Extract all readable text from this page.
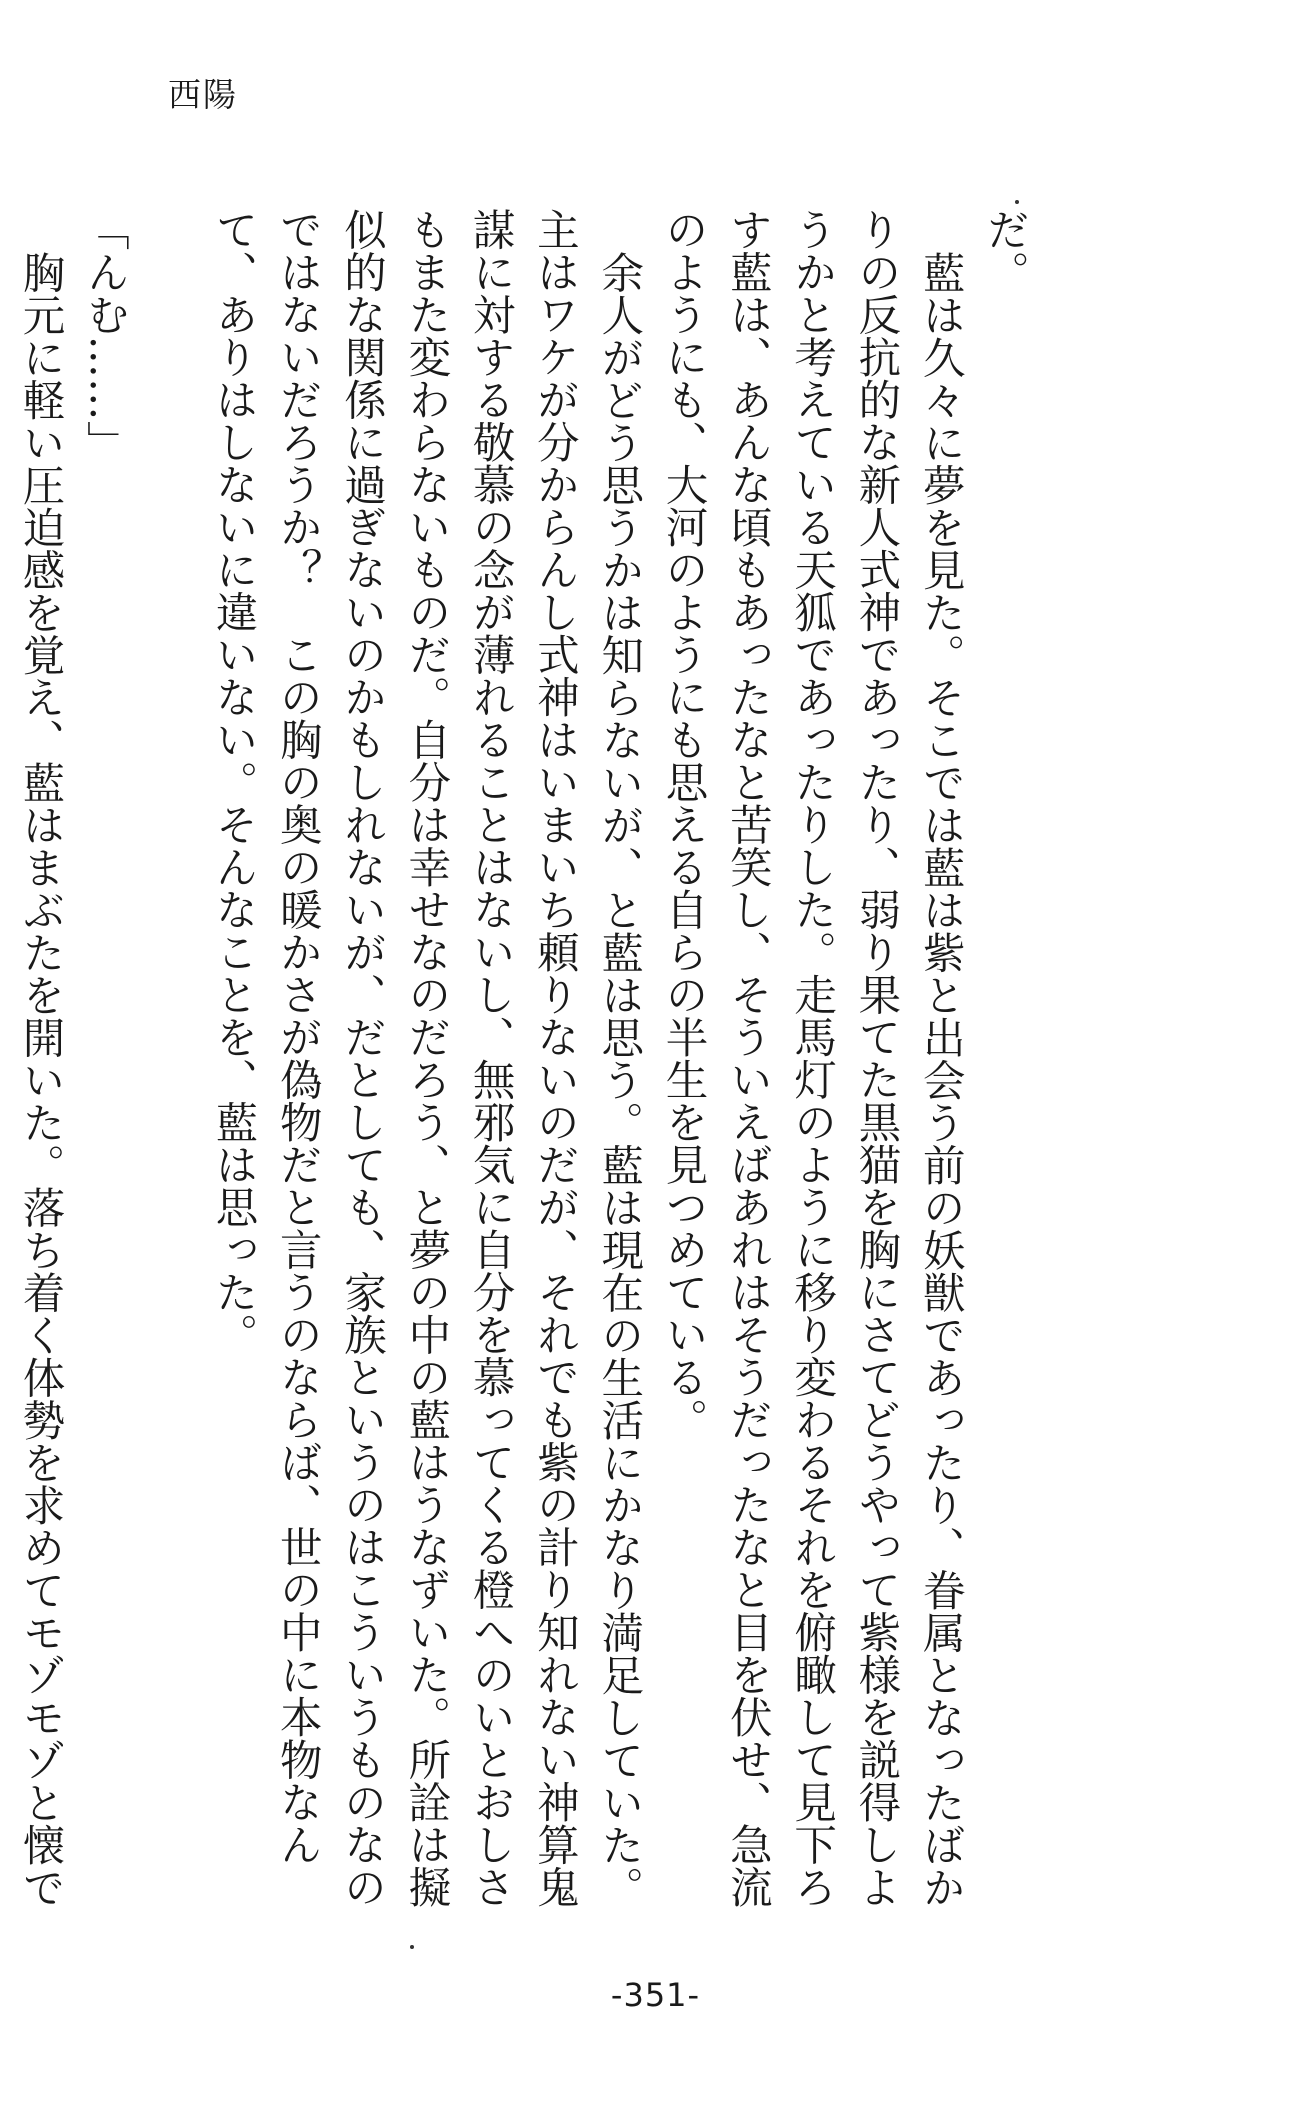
西陽

だ。

藍は久々に夢を見た。そこでは藍は紫と出会う前の妖獣であったり、眷属となったばかりの反抗的な新人式神であったり、弱り果てた黒猫を胸にさてどうやって紫様を説得しようかと考えている天狐であったりした。走馬灯のように移り変わるそれを俯瞰して見下ろす藍は、あんな頃もあったなと苦笑し、そういえばあれはそうだったなと目を伏せ、急流のようにも、大河のようにも思える自らの半生を見つめている。

余人がどう思うかは知らないが、と藍は思う。藍は現在の生活にかなり満足していた。主はワケが分からんし式神はいまいち頼りないのだが、それでも紫の計り知れない神算鬼謀に対する敬慕の念が薄れることはないし、無邪気に自分を慕ってくる橙へのいとおしさもまた変わらないものだ。自分は幸せなのだろう、と夢の中の藍はうなずいた。所詮は擬似的な関係に過ぎないのかもしれないが、だとしても、家族というのはこういうものなのではないだろうか？　この胸の奥の暖かさが偽物だと言うのならば、世の中に本物なんて、ありはしないに違いない。そんなことを、藍は思った。

「んむ……」

胸元に軽い圧迫感を覚え、藍はまぶたを開いた。落ち着く体勢を求めてモゾモゾと懐で

-351-
